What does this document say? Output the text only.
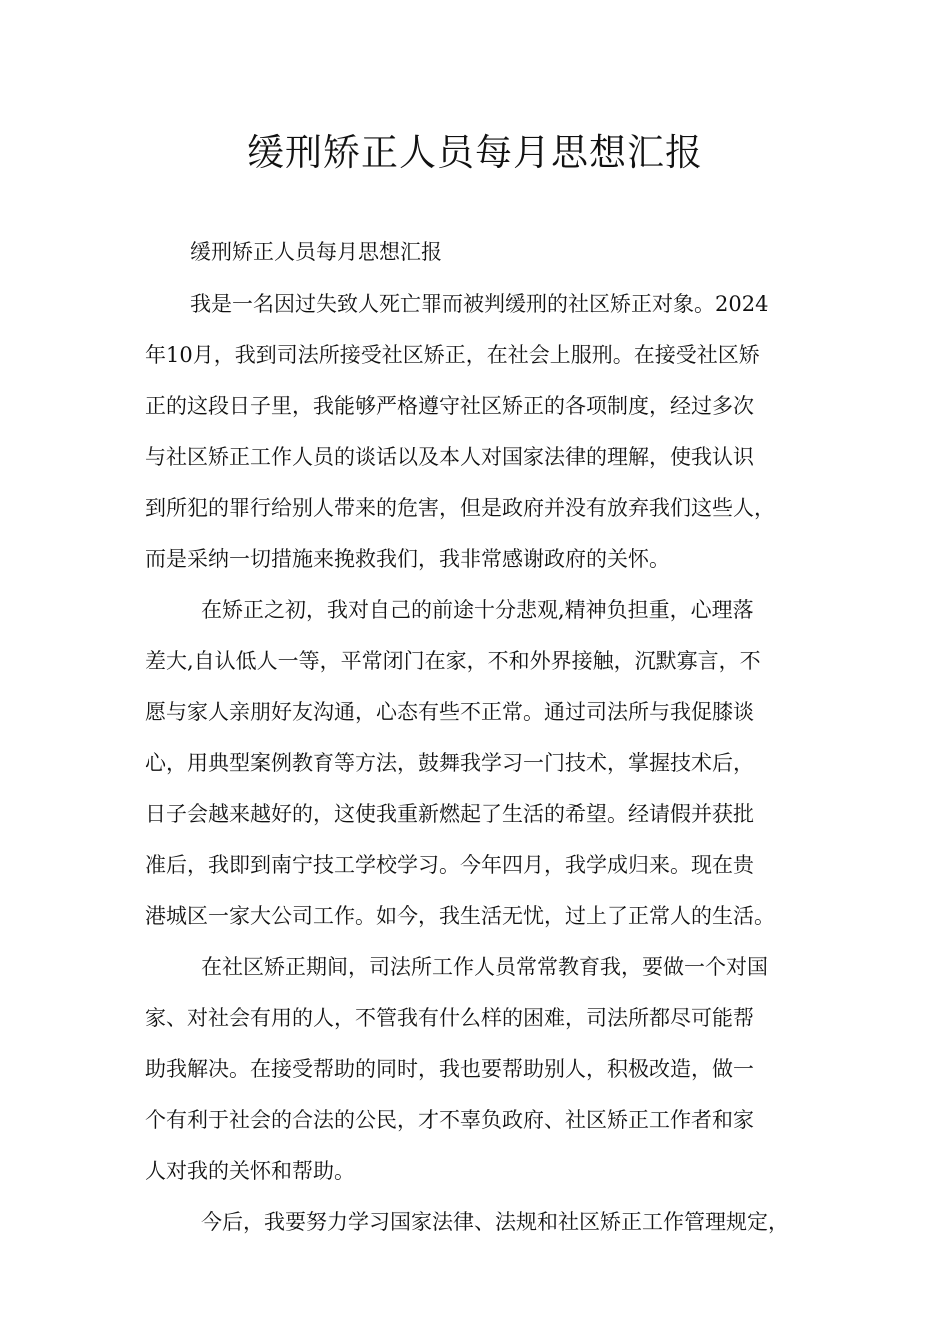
缓刑矫正人员每月思想汇报

缓刑矫正人员每月思想汇报

我是一名因过失致人死亡罪而被判缓刑的社区矫正对象。2024

年10月，我到司法所接受社区矫正，在社会上服刑。在接受社区矫

正的这段日子里，我能够严格遵守社区矫正的各项制度，经过多次

与社区矫正工作人员的谈话以及本人对国家法律的理解，使我认识

到所犯的罪行给别人带来的危害，但是政府并没有放弃我们这些人，

而是采纳一切措施来挽救我们，我非常感谢政府的关怀。

在矫正之初，我对自己的前途十分悲观,精神负担重，心理落

差大,自认低人一等，平常闭门在家，不和外界接触，沉默寡言，不

愿与家人亲朋好友沟通，心态有些不正常。通过司法所与我促膝谈

心，用典型案例教育等方法，鼓舞我学习一门技术，掌握技术后，

日子会越来越好的，这使我重新燃起了生活的希望。经请假并获批

准后，我即到南宁技工学校学习。今年四月，我学成归来。现在贵

港城区一家大公司工作。如今，我生活无忧，过上了正常人的生活。

在社区矫正期间，司法所工作人员常常教育我，要做一个对国

家、对社会有用的人，不管我有什么样的困难，司法所都尽可能帮

助我解决。在接受帮助的同时，我也要帮助别人，积极改造，做一

个有利于社会的合法的公民，才不辜负政府、社区矫正工作者和家

人对我的关怀和帮助。

今后，我要努力学习国家法律、法规和社区矫正工作管理规定，
